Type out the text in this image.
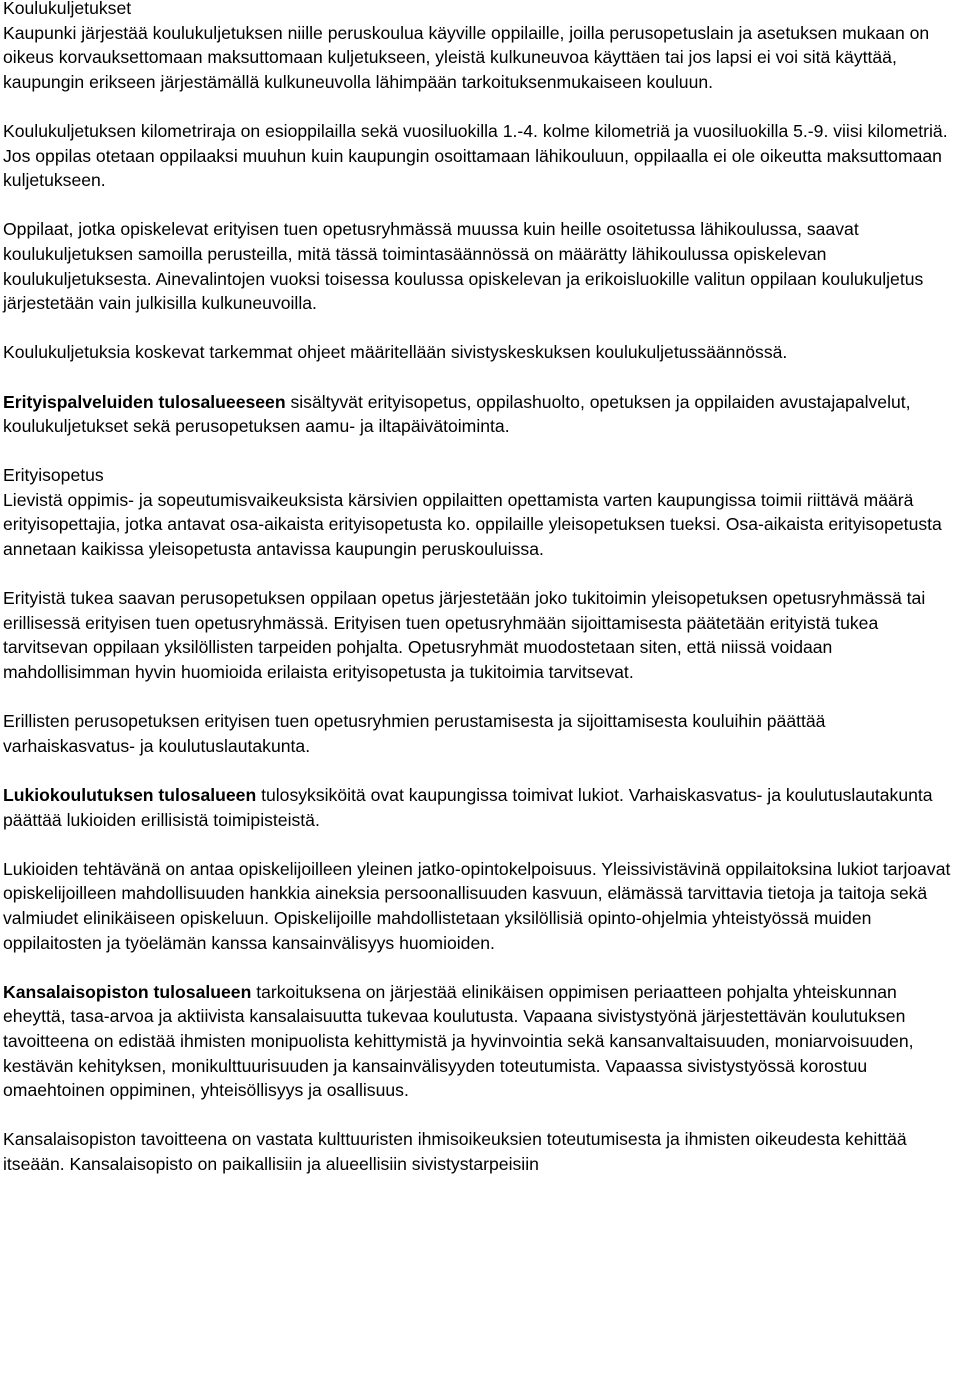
Koulukuljetukset

Kaupunki järjestää koulukuljetuksen niille peruskoulua käyville oppilaille, joilla perusopetuslain ja asetuksen mukaan on oikeus korvauksettomaan maksuttomaan kuljetukseen, yleistä kulkuneuvoa käyttäen tai jos lapsi ei voi sitä käyttää, kaupungin erikseen järjestämällä kulkuneuvolla lähimpään tarkoituksenmukaiseen kouluun.

Koulukuljetuksen kilometriraja on esioppilailla sekä vuosiluokilla 1.-4. kolme kilometriä ja vuosiluokilla 5.-9. viisi kilometriä. Jos oppilas otetaan oppilaaksi muuhun kuin kaupungin osoittamaan lähikouluun, oppilaalla ei ole oikeutta maksuttomaan kuljetukseen.

Oppilaat, jotka opiskelevat erityisen tuen opetusryhmässä muussa kuin heille osoitetussa lähikoulussa, saavat koulukuljetuksen samoilla perusteilla, mitä tässä toimintasäännössä on määrätty lähikoulussa opiskelevan koulukuljetuksesta. Ainevalintojen vuoksi toisessa koulussa opiskelevan ja erikoisluokille valitun oppilaan koulukuljetus järjestetään vain julkisilla kulkuneuvoilla.

Koulukuljetuksia koskevat tarkemmat ohjeet määritellään sivistyskeskuksen koulukuljetussäännössä.

Erityispalveluiden tulosalueeseen sisältyvät erityisopetus, oppilashuolto, opetuksen ja oppilaiden avustajapalvelut, koulukuljetukset sekä perusopetuksen aamu- ja iltapäivätoiminta.

Erityisopetus

Lievistä oppimis- ja sopeutumisvaikeuksista kärsivien oppilaitten opettamista varten kaupungissa toimii riittävä määrä erityisopettajia, jotka antavat osa-aikaista erityisopetusta ko. oppilaille yleisopetuksen tueksi. Osa-aikaista erityisopetusta annetaan kaikissa yleisopetusta antavissa kaupungin peruskouluissa.

Erityistä tukea saavan perusopetuksen oppilaan opetus järjestetään joko tukitoimin yleisopetuksen opetusryhmässä tai erillisessä erityisen tuen opetusryhmässä. Erityisen tuen opetusryhmään sijoittamisesta päätetään erityistä tukea tarvitsevan oppilaan yksilöllisten tarpeiden pohjalta. Opetusryhmät muodostetaan siten, että niissä voidaan mahdollisimman hyvin huomioida erilaista erityisopetusta ja tukitoimia tarvitsevat.

Erillisten perusopetuksen erityisen tuen opetusryhmien perustamisesta ja sijoittamisesta kouluihin päättää varhaiskasvatus- ja koulutuslautakunta.

Lukiokoulutuksen tulosalueen tulosyksiköitä ovat kaupungissa toimivat lukiot. Varhaiskasvatus- ja koulutuslautakunta päättää lukioiden erillisistä toimipisteistä.

Lukioiden tehtävänä on antaa opiskelijoilleen yleinen jatko-opintokelpoisuus. Yleissivistävinä oppilaitoksina lukiot tarjoavat opiskelijoilleen mahdollisuuden hankkia aineksia persoonallisuuden kasvuun, elämässä tarvittavia tietoja ja taitoja sekä valmiudet elinikäiseen opiskeluun. Opiskelijoille mahdollistetaan yksilöllisiä opinto-ohjelmia yhteistyössä muiden oppilaitosten ja työelämän kanssa kansainvälisyys huomioiden.

Kansalaisopiston tulosalueen tarkoituksena on järjestää elinikäisen oppimisen periaatteen pohjalta yhteiskunnan eheyttä, tasa-arvoa ja aktiivista kansalaisuutta tukevaa koulutusta. Vapaana sivistystyönä järjestettävän koulutuksen tavoitteena on edistää ihmisten monipuolista kehittymistä ja hyvinvointia sekä kansanvaltaisuuden, moniarvoisuuden, kestävän kehityksen, monikulttuurisuuden ja kansainvälisyyden toteutumista. Vapaassa sivistystyössä korostuu omaehtoinen oppiminen, yhteisöllisyys ja osallisuus.

Kansalaisopiston tavoitteena on vastata kulttuuristen ihmisoikeuksien toteutumisesta ja ihmisten oikeudesta kehittää itseään. Kansalaisopisto on paikallisiin ja alueellisiin sivistystarpeisiin
